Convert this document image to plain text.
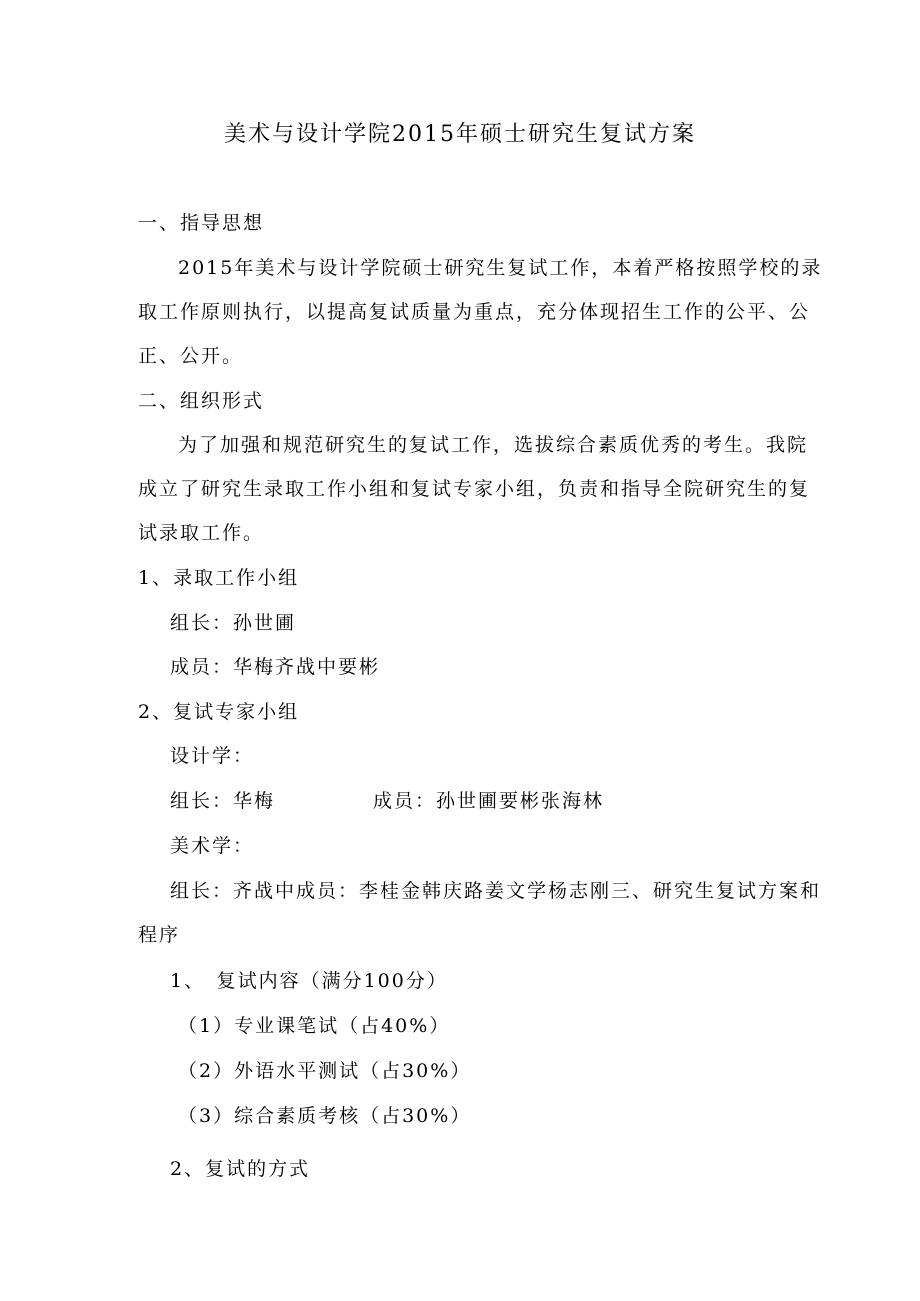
美术与设计学院2015年硕士研究生复试方案

一、指导思想

2015年美术与设计学院硕士研究生复试工作，本着严格按照学校的录

取工作原则执行，以提高复试质量为重点，充分体现招生工作的公平、公

正、公开。

二、组织形式

为了加强和规范研究生的复试工作，选拔综合素质优秀的考生。我院

成立了研究生录取工作小组和复试专家小组，负责和指导全院研究生的复

试录取工作。

1、录取工作小组

组长：孙世圃

成员：华梅齐战中要彬

2、复试专家小组

设计学：

组长：华梅	成员：孙世圃要彬张海林

美术学：

组长：齐战中成员：李桂金韩庆路姜文学杨志刚三、研究生复试方案和

程序

1、　复试内容（满分100分）

（1）专业课笔试（占40%）

（2）外语水平测试（占30%）

（3）综合素质考核（占30%）

2、复试的方式
